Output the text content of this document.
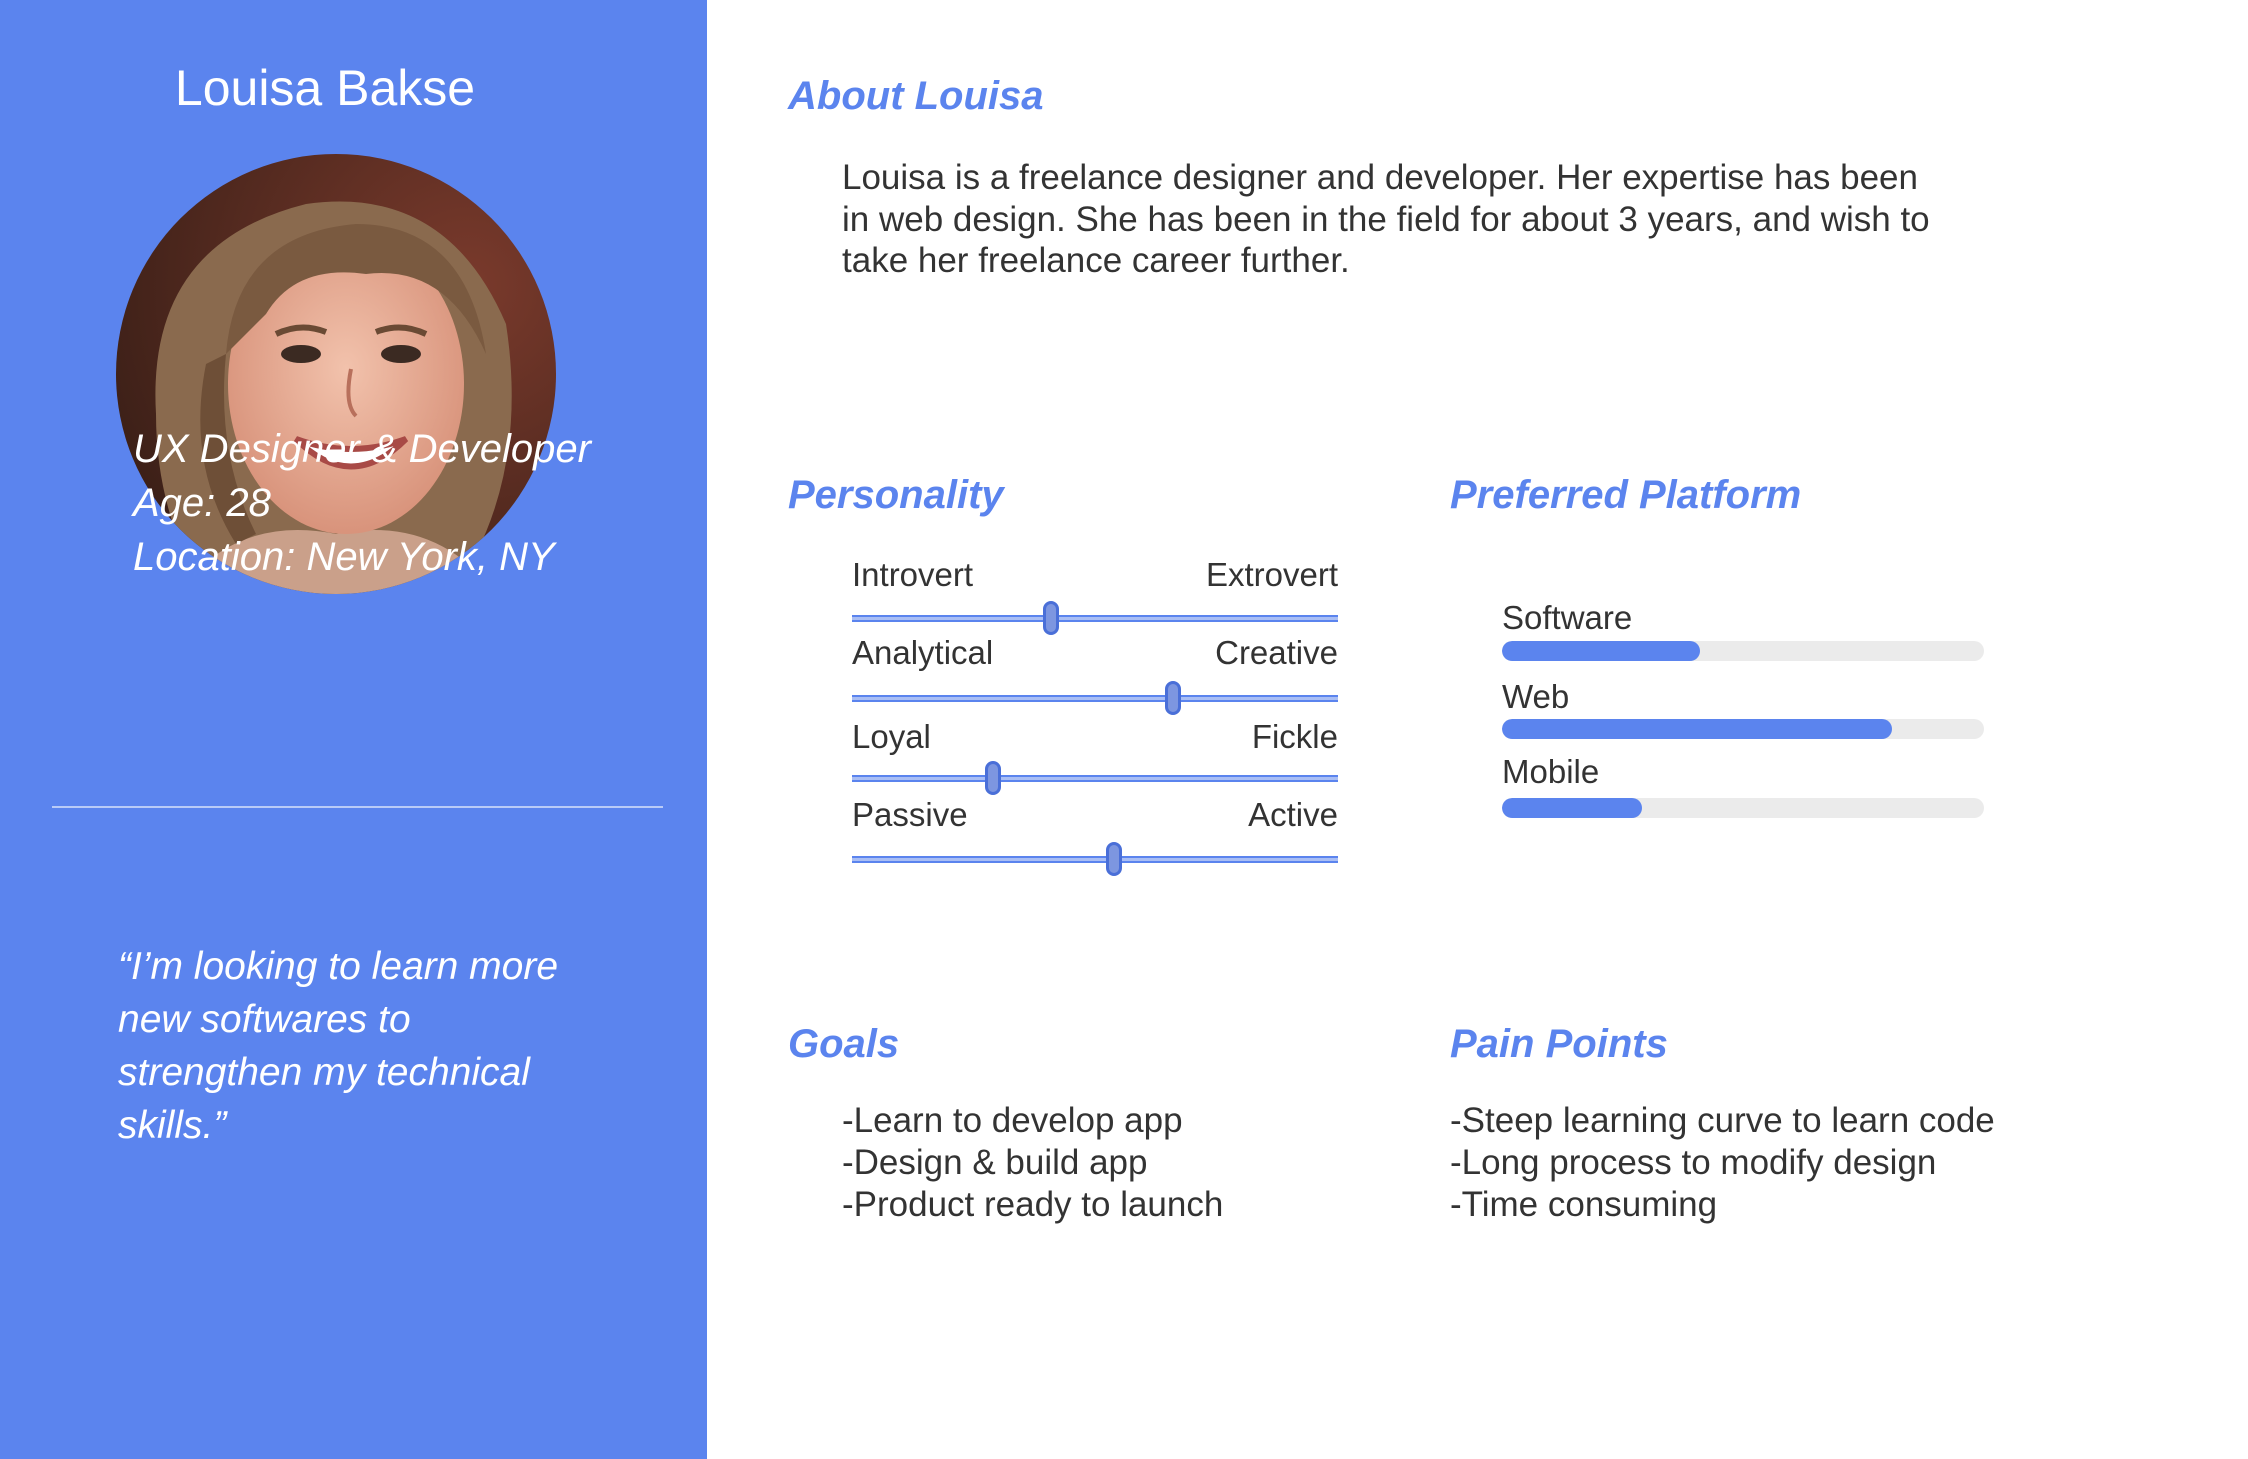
Louisa Bakse
UX Designer & Developer
Age: 28
Location: New York, NY
“I’m looking to learn more
new softwares to
strengthen my technical
skills.”
About Louisa
Louisa is a freelance designer and developer. Her expertise has been
in web design. She has been in the field for about 3 years, and wish to
take her freelance career further.
Personality
Introvert	Extrovert
Analytical	Creative
Loyal	Fickle
Passive	Active
Preferred Platform
Software
Web
Mobile
Goals
-Learn to develop app
-Design & build app
-Product ready to launch
Pain Points
-Steep learning curve to learn code
-Long process to modify design
-Time consuming
